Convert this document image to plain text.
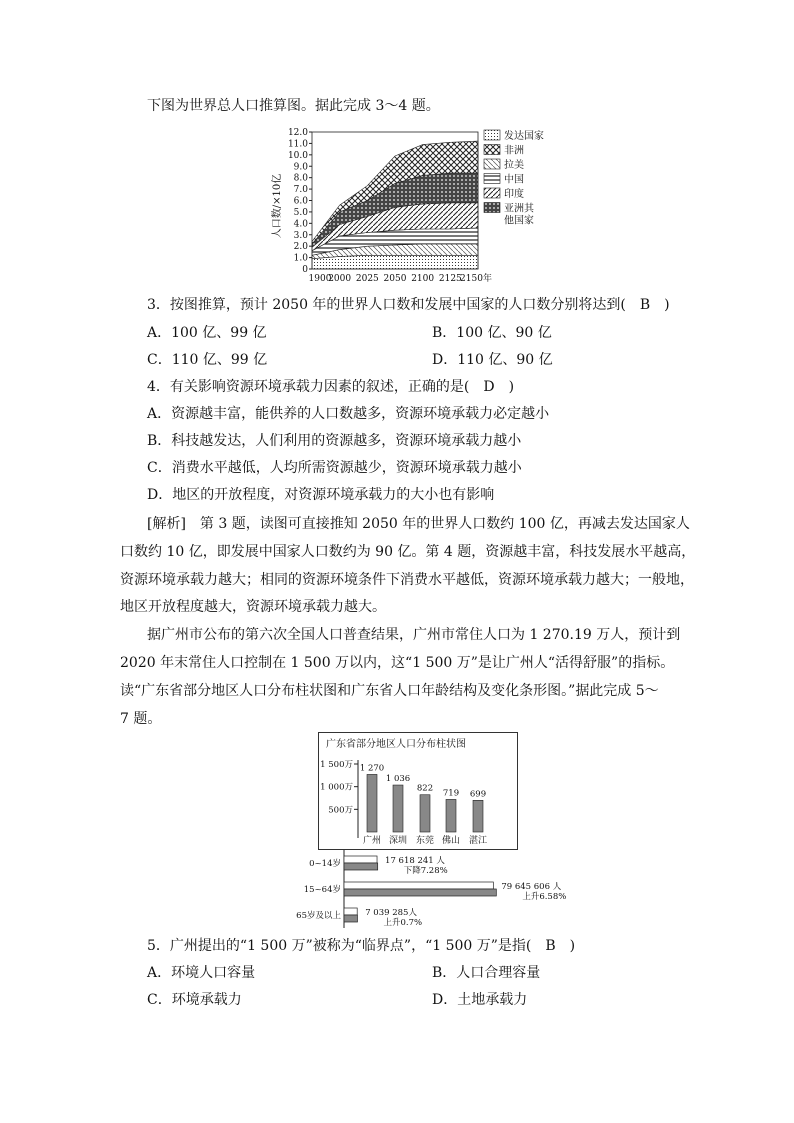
下图为世界总人口推算图。据此完成 3～4 题。
12.0
11.0
10.0
9.0
8.0
7.0
6.0
5.0
4.0
3.0
2.0
1.0
0
1900
2000 2025 2050 2100 2125
2150年
人口数/×10亿
发达国家
非洲
拉美
中国
印度
亚洲其
他国家
3．按图推算，预计 2050 年的世界人口数和发展中国家的人口数分别将达到(　B　)
A．100 亿、99 亿	B．100 亿、90 亿
C．110 亿、99 亿	D．110 亿、90 亿
4．有关影响资源环境承载力因素的叙述，正确的是(　D　)
A．资源越丰富，能供养的人口数越多，资源环境承载力必定越小
B．科技越发达，人们利用的资源越多，资源环境承载力越小
C．消费水平越低，人均所需资源越少，资源环境承载力越小
D．地区的开放程度，对资源环境承载力的大小也有影响
[解析]　第 3 题，读图可直接推知 2050 年的世界人口数约 100 亿，再减去发达国家人
口数约 10 亿，即发展中国家人口数约为 90 亿。第 4 题，资源越丰富，科技发展水平越高，
资源环境承载力越大；相同的资源环境条件下消费水平越低，资源环境承载力越大；一般地，
地区开放程度越大，资源环境承载力越大。
据广州市公布的第六次全国人口普查结果，广州市常住人口为 1 270.19 万人，预计到
2020 年末常住人口控制在 1 500 万以内，这“1 500 万”是让广州人“活得舒服”的指标。
读“广东省部分地区人口分布柱状图和广东省人口年龄结构及变化条形图。”据此完成 5～
7 题。
广东省部分地区人口分布柱状图
1 500万
1 000万
500万
1 270
广州
1 036
深圳
822
东莞
719
佛山
699
湛江
0~14岁	17 618 241 人
下降7.28%
15~64岁	79 645 606 人
上升6.58%
65岁及以上	7 039 285人
上升0.7%
5．广州提出的“1 500 万”被称为“临界点”，“1 500 万”是指(　B　)
A．环境人口容量	B．人口合理容量
C．环境承载力	D．土地承载力
